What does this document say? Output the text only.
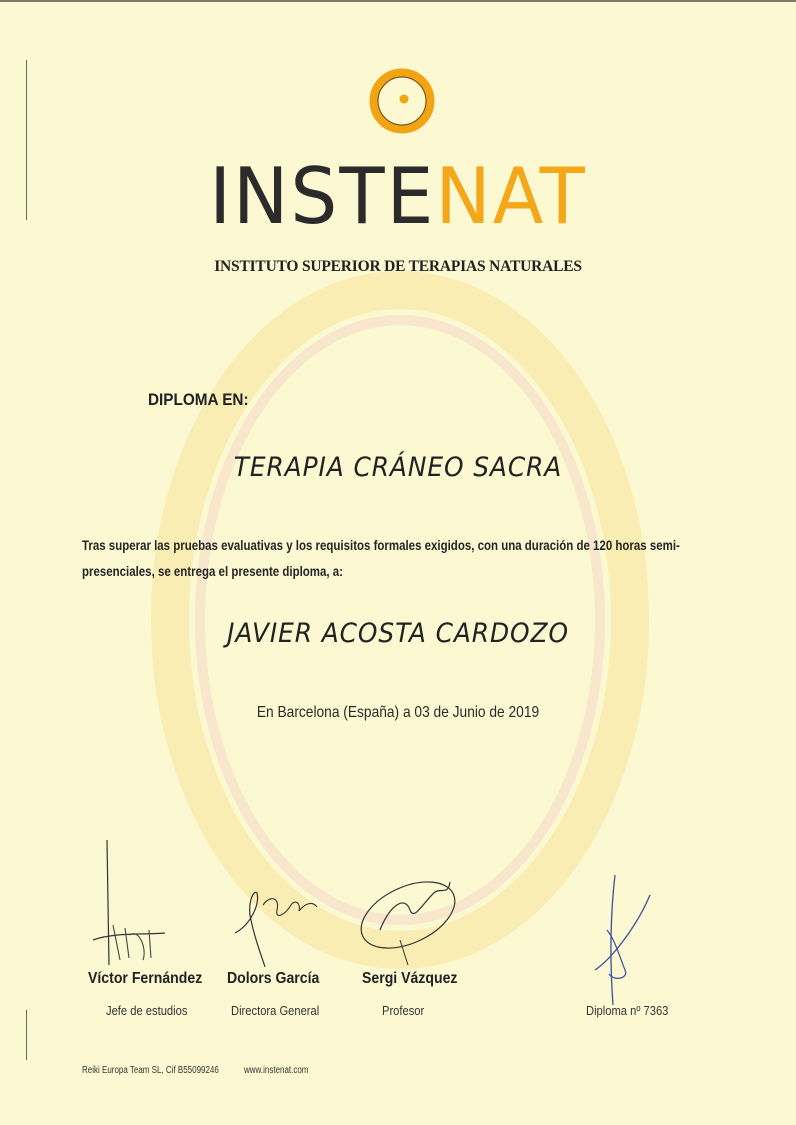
INSTENAT
INSTITUTO SUPERIOR DE TERAPIAS NATURALES
DIPLOMA EN:
TERAPIA CRÁNEO SACRA
Tras superar las pruebas evaluativas y los requisitos formales exigidos, con una duración de 120 horas semi-
presenciales, se entrega el presente diploma, a:
JAVIER ACOSTA CARDOZO
En Barcelona (España) a 03 de Junio de 2019
Víctor Fernández
Jefe de estudios
Dolors García
Directora General
Sergi Vázquez
Profesor	Diploma nº 7363
Reiki Europa Team SL, Cif B55099246	www.instenat.com
